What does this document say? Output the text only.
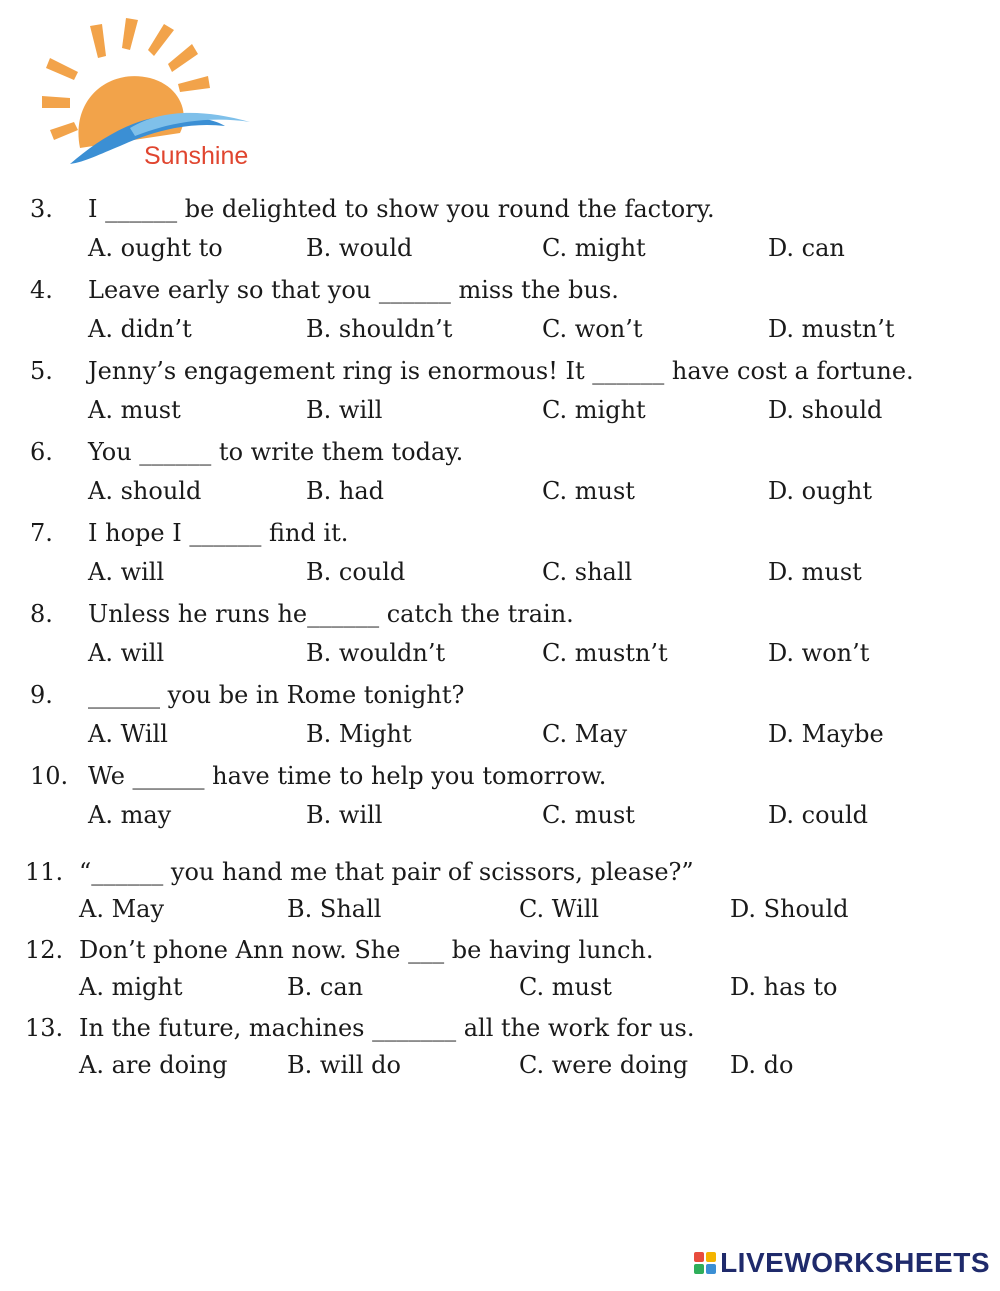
Sunshine
3. I ______ be delighted to show you round the factory.
A. ought to	B. would	C. might	D. can
4. Leave early so that you ______ miss the bus.
A. didn’t	B. shouldn’t	C. won’t	D. mustn’t
5. Jenny’s engagement ring is enormous! It ______ have cost a fortune.
A. must	B. will	C. might	D. should
6. You ______ to write them today.
A. should	B. had	C. must	D. ought
7. I hope I ______ find it.
A. will	B. could	C. shall	D. must
8. Unless he runs he______ catch the train.
A. will	B. wouldn’t	C. mustn’t	D. won’t
9. ______ you be in Rome tonight?
A. Will	B. Might	C. May	D. Maybe
10. We ______ have time to help you tomorrow.
A. may	B. will	C. must	D. could
11. “______ you hand me that pair of scissors, please?”
A. May	B. Shall	C. Will	D. Should
12. Don’t phone Ann now. She ___ be having lunch.
A. might	B. can	C. must	D. has to
13. In the future, machines _______ all the work for us.
A. are doing B. will do	C. were doing D. do
LIVEWORKSHEETS
